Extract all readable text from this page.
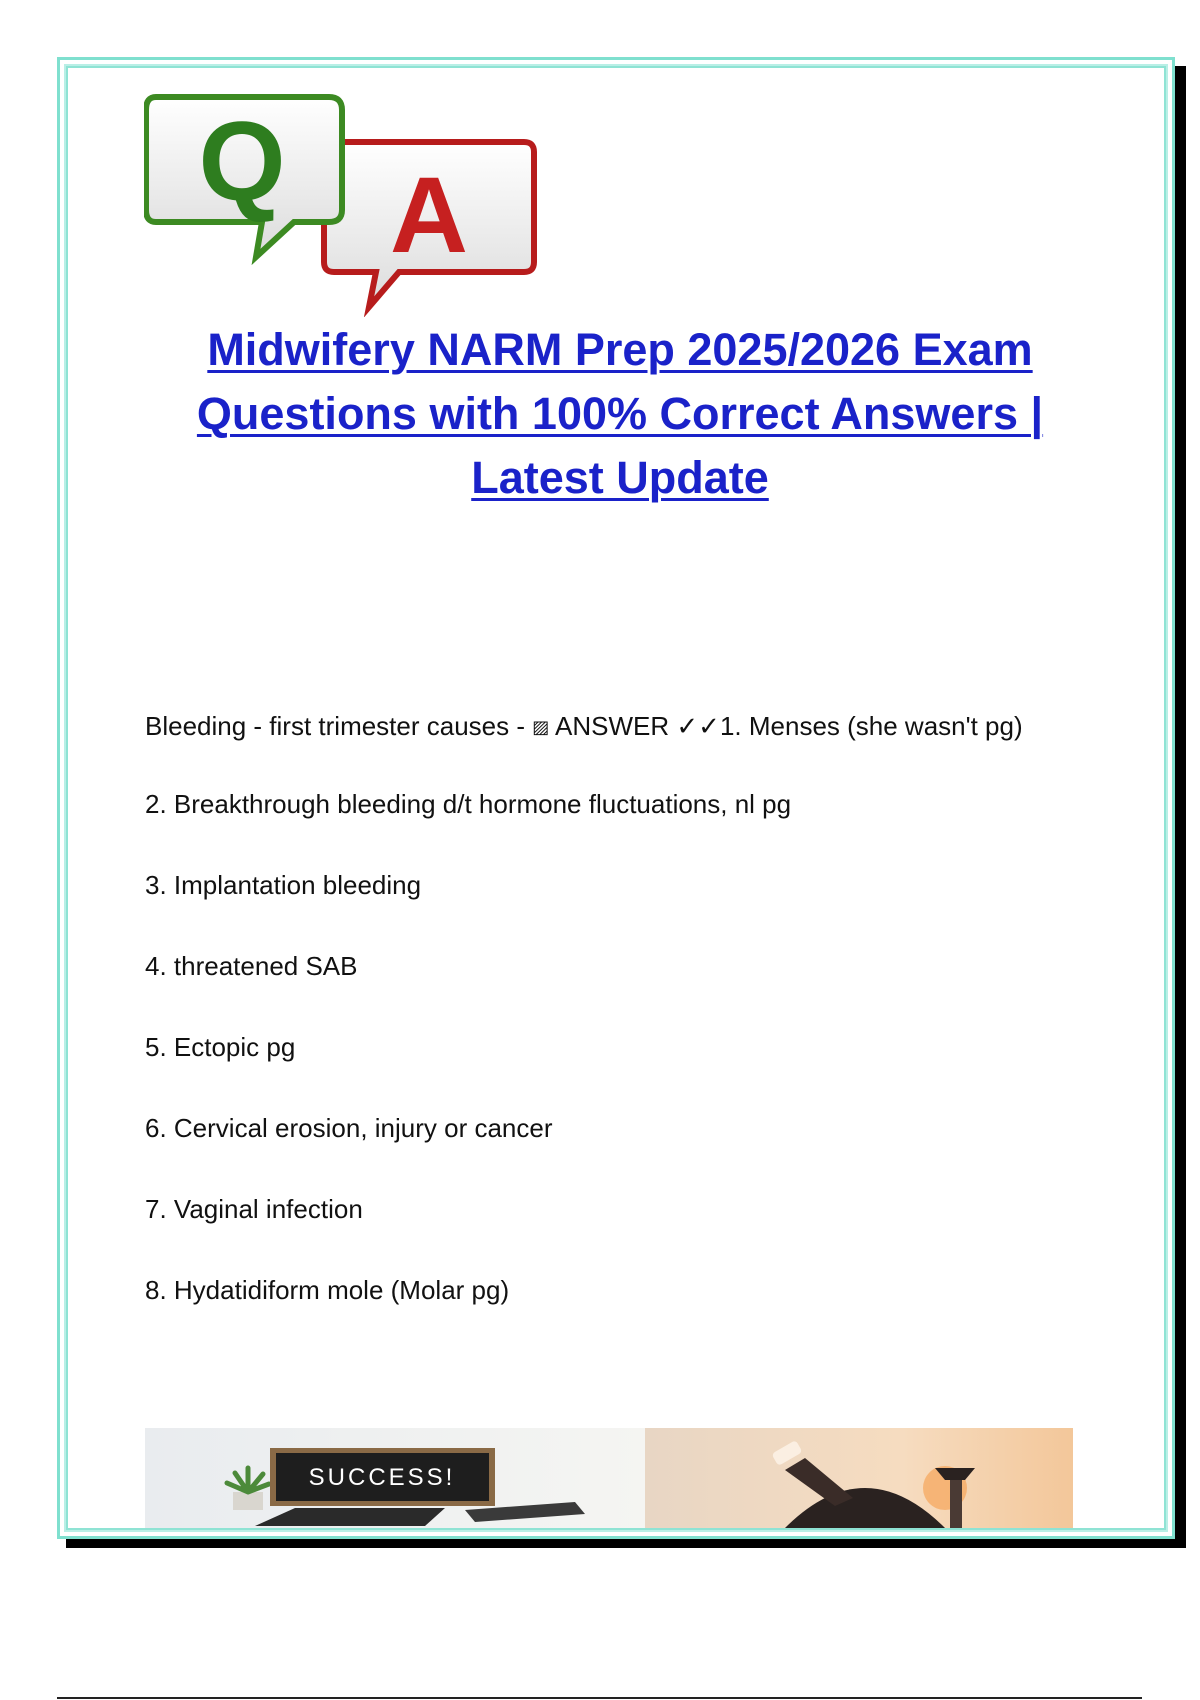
Q A
Midwifery NARM Prep 2025/2026 Exam Questions with 100% Correct Answers | Latest Update

Bleeding - first trimester causes - ▨ ANSWER ✓✓1. Menses (she wasn't pg)

2. Breakthrough bleeding d/t hormone fluctuations, nl pg

3. Implantation bleeding

4. threatened SAB

5. Ectopic pg

6. Cervical erosion, injury or cancer

7. Vaginal infection

8. Hydatidiform mole (Molar pg)

SUCCESS!
